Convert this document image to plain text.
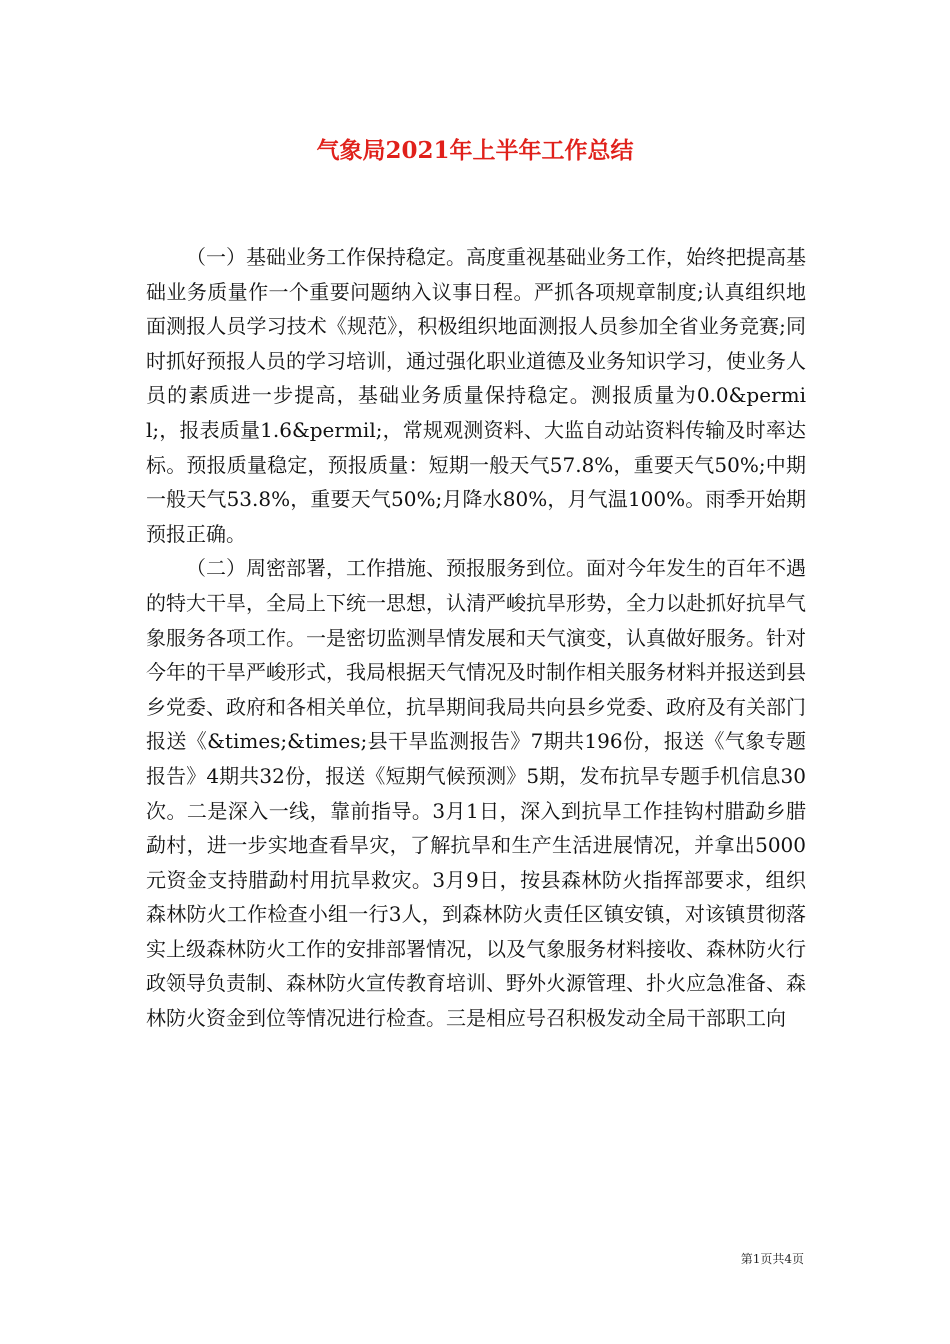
气象局2021年上半年工作总结

（一）基础业务工作保持稳定。高度重视基础业务工作，始终把提高基础业务质量作一个重要问题纳入议事日程。严抓各项规章制度;认真组织地面测报人员学习技术《规范》，积极组织地面测报人员参加全省业务竞赛;同时抓好预报人员的学习培训，通过强化职业道德及业务知识学习，使业务人员的素质进一步提高，基础业务质量保持稳定。测报质量为0.0&permil;，报表质量1.6&permil;，常规观测资料、大监自动站资料传输及时率达标。预报质量稳定，预报质量：短期一般天气57.8%，重要天气50%;中期一般天气53.8%，重要天气50%;月降水80%，月气温100%。雨季开始期预报正确。

（二）周密部署，工作措施、预报服务到位。面对今年发生的百年不遇的特大干旱，全局上下统一思想，认清严峻抗旱形势，全力以赴抓好抗旱气象服务各项工作。一是密切监测旱情发展和天气演变，认真做好服务。针对今年的干旱严峻形式，我局根据天气情况及时制作相关服务材料并报送到县乡党委、政府和各相关单位，抗旱期间我局共向县乡党委、政府及有关部门报送《&times;&times;县干旱监测报告》7期共196份，报送《气象专题报告》4期共32份，报送《短期气候预测》5期，发布抗旱专题手机信息30次。二是深入一线，靠前指导。3月1日，深入到抗旱工作挂钩村腊勐乡腊勐村，进一步实地查看旱灾，了解抗旱和生产生活进展情况，并拿出5000元资金支持腊勐村用抗旱救灾。3月9日，按县森林防火指挥部要求，组织森林防火工作检查小组一行3人，到森林防火责任区镇安镇，对该镇贯彻落实上级森林防火工作的安排部署情况，以及气象服务材料接收、森林防火行政领导负责制、森林防火宣传教育培训、野外火源管理、扑火应急准备、森林防火资金到位等情况进行检查。三是相应号召积极发动全局干部职工向

第1页共4页
